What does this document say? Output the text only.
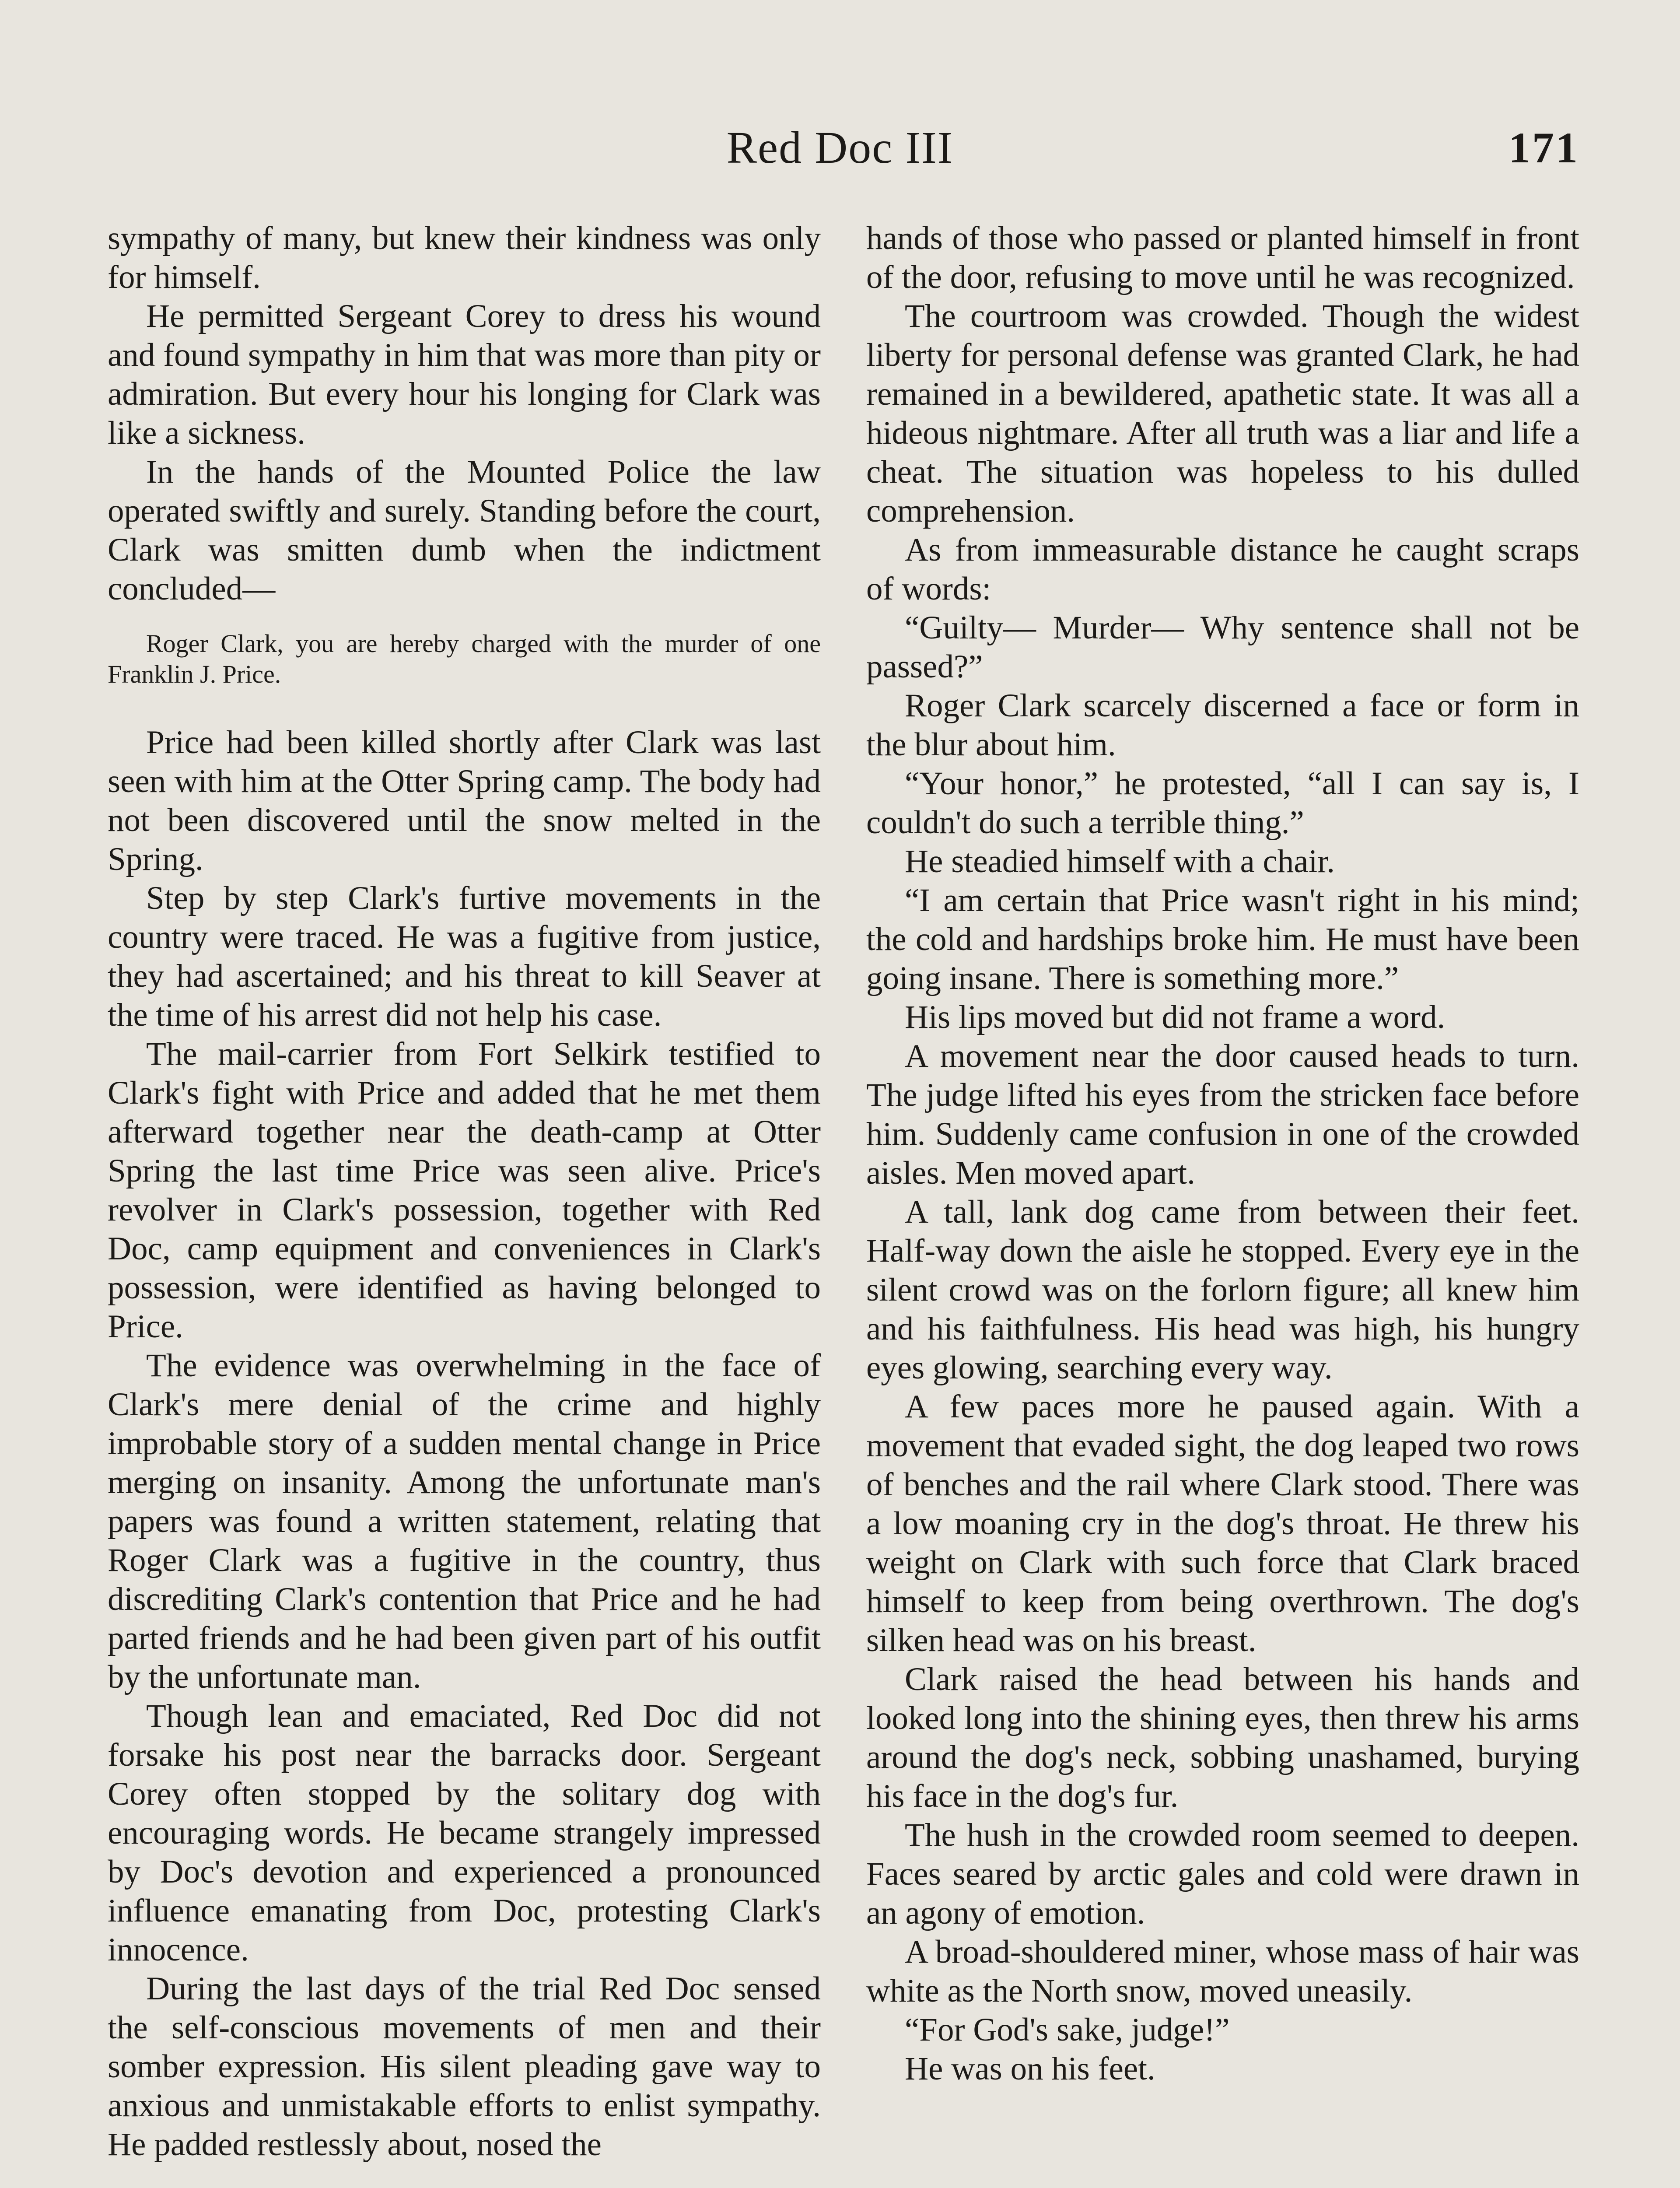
Red Doc III	171

sympathy of many, but knew their kindness was only for himself.

He permitted Sergeant Corey to dress his wound and found sympathy in him that was more than pity or admiration. But every hour his longing for Clark was like a sickness.

In the hands of the Mounted Police the law operated swiftly and surely. Standing before the court, Clark was smitten dumb when the indictment concluded—

Roger Clark, you are hereby charged with the murder of one Franklin J. Price.

Price had been killed shortly after Clark was last seen with him at the Otter Spring camp. The body had not been discovered until the snow melted in the Spring.

Step by step Clark's furtive movements in the country were traced. He was a fugitive from justice, they had ascertained; and his threat to kill Seaver at the time of his arrest did not help his case.

The mail-carrier from Fort Selkirk testified to Clark's fight with Price and added that he met them afterward together near the death-camp at Otter Spring the last time Price was seen alive. Price's revolver in Clark's possession, together with Red Doc, camp equipment and conveniences in Clark's possession, were identified as having belonged to Price.

The evidence was overwhelming in the face of Clark's mere denial of the crime and highly improbable story of a sudden mental change in Price merging on insanity. Among the unfortunate man's papers was found a written statement, relating that Roger Clark was a fugitive in the country, thus discrediting Clark's contention that Price and he had parted friends and he had been given part of his outfit by the unfortunate man.

Though lean and emaciated, Red Doc did not forsake his post near the barracks door. Sergeant Corey often stopped by the solitary dog with encouraging words. He became strangely impressed by Doc's devotion and experienced a pronounced influence emanating from Doc, protesting Clark's innocence.

During the last days of the trial Red Doc sensed the self-conscious movements of men and their somber expression. His silent pleading gave way to anxious and unmistakable efforts to enlist sympathy. He padded restlessly about, nosed the

hands of those who passed or planted himself in front of the door, refusing to move until he was recognized.

The courtroom was crowded. Though the widest liberty for personal defense was granted Clark, he had remained in a bewildered, apathetic state. It was all a hideous nightmare. After all truth was a liar and life a cheat. The situation was hopeless to his dulled comprehension.

As from immeasurable distance he caught scraps of words:

“Guilty— Murder— Why sentence shall not be passed?”

Roger Clark scarcely discerned a face or form in the blur about him.

“Your honor,” he protested, “all I can say is, I couldn't do such a terrible thing.”

He steadied himself with a chair.

“I am certain that Price wasn't right in his mind; the cold and hardships broke him. He must have been going insane. There is something more.”

His lips moved but did not frame a word.

A movement near the door caused heads to turn. The judge lifted his eyes from the stricken face before him. Suddenly came confusion in one of the crowded aisles. Men moved apart.

A tall, lank dog came from between their feet. Half-way down the aisle he stopped. Every eye in the silent crowd was on the forlorn figure; all knew him and his faithfulness. His head was high, his hungry eyes glowing, searching every way.

A few paces more he paused again. With a movement that evaded sight, the dog leaped two rows of benches and the rail where Clark stood. There was a low moaning cry in the dog's throat. He threw his weight on Clark with such force that Clark braced himself to keep from being overthrown. The dog's silken head was on his breast.

Clark raised the head between his hands and looked long into the shining eyes, then threw his arms around the dog's neck, sobbing unashamed, burying his face in the dog's fur.

The hush in the crowded room seemed to deepen. Faces seared by arctic gales and cold were drawn in an agony of emotion.

A broad-shouldered miner, whose mass of hair was white as the North snow, moved uneasily.

“For God's sake, judge!”

He was on his feet.
